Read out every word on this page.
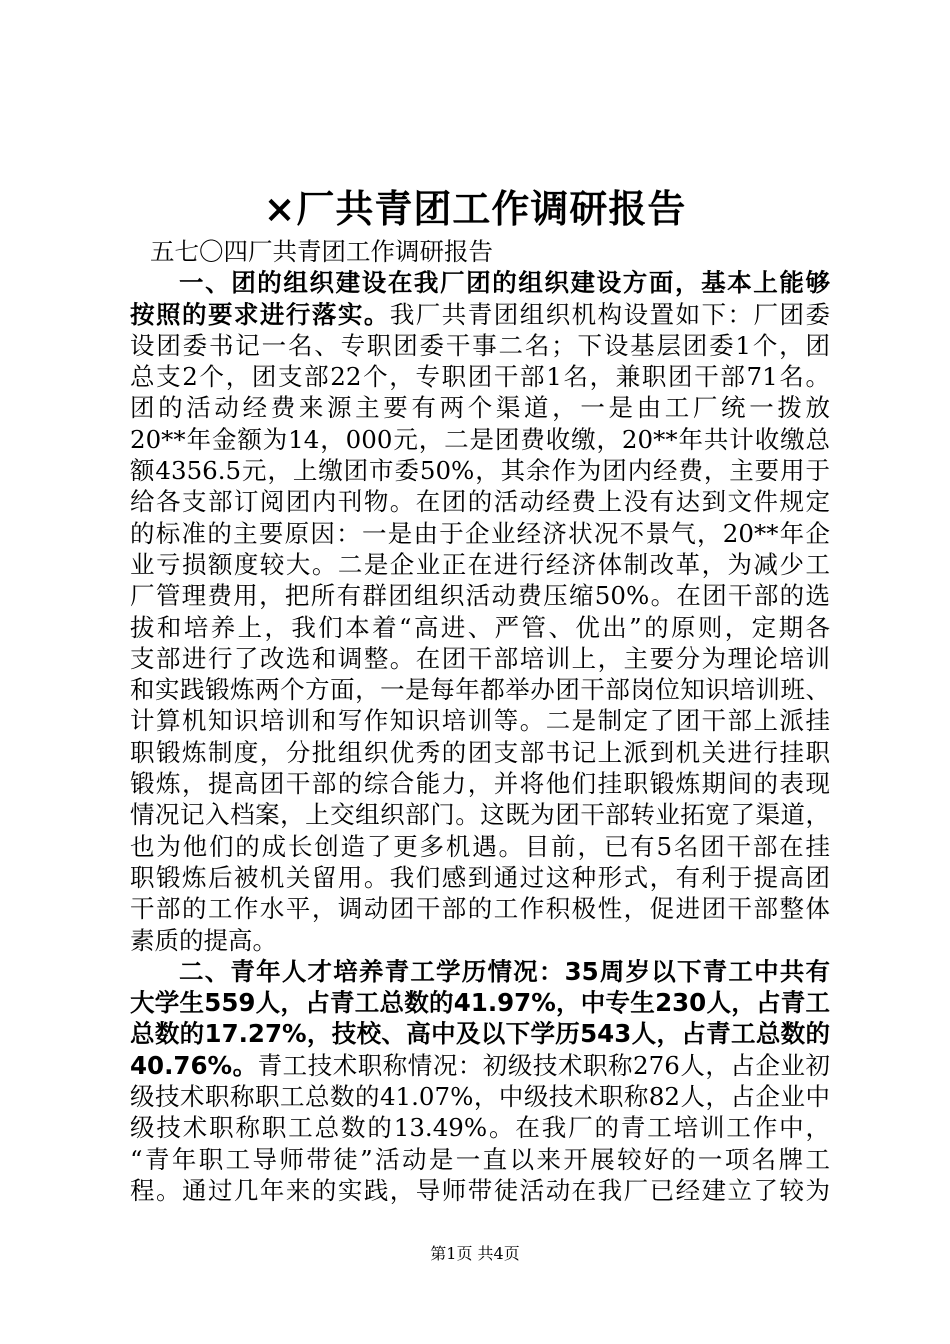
×厂共青团工作调研报告
五七〇四厂共青团工作调研报告
一、团的组织建设在我厂团的组织建设方面，基本上能够
按照的要求进行落实。我厂共青团组织机构设置如下：厂团委
设团委书记一名、专职团委干事二名；下设基层团委1个，团
总支2个，团支部22个，专职团干部1名，兼职团干部71名。
团的活动经费来源主要有两个渠道，一是由工厂统一拨放
20**年金额为14，000元，二是团费收缴，20**年共计收缴总
额4356.5元，上缴团市委50%，其余作为团内经费，主要用于
给各支部订阅团内刊物。在团的活动经费上没有达到文件规定
的标准的主要原因：一是由于企业经济状况不景气，20**年企
业亏损额度较大。二是企业正在进行经济体制改革，为减少工
厂管理费用，把所有群团组织活动费压缩50%。在团干部的选
拔和培养上，我们本着“高进、严管、优出”的原则，定期各
支部进行了改选和调整。在团干部培训上，主要分为理论培训
和实践锻炼两个方面，一是每年都举办团干部岗位知识培训班、
计算机知识培训和写作知识培训等。二是制定了团干部上派挂
职锻炼制度，分批组织优秀的团支部书记上派到机关进行挂职
锻炼，提高团干部的综合能力，并将他们挂职锻炼期间的表现
情况记入档案，上交组织部门。这既为团干部转业拓宽了渠道，
也为他们的成长创造了更多机遇。目前，已有5名团干部在挂
职锻炼后被机关留用。我们感到通过这种形式，有利于提高团
干部的工作水平，调动团干部的工作积极性，促进团干部整体
素质的提高。
二、青年人才培养青工学历情况：35周岁以下青工中共有
大学生559人，占青工总数的41.97%，中专生230人，占青工
总数的17.27%，技校、高中及以下学历543人，占青工总数的
40.76%。青工技术职称情况：初级技术职称276人，占企业初
级技术职称职工总数的41.07%，中级技术职称82人，占企业中
级技术职称职工总数的13.49%。在我厂的青工培训工作中，
“青年职工导师带徒”活动是一直以来开展较好的一项名牌工
程。通过几年来的实践，导师带徒活动在我厂已经建立了较为
第1页 共4页
